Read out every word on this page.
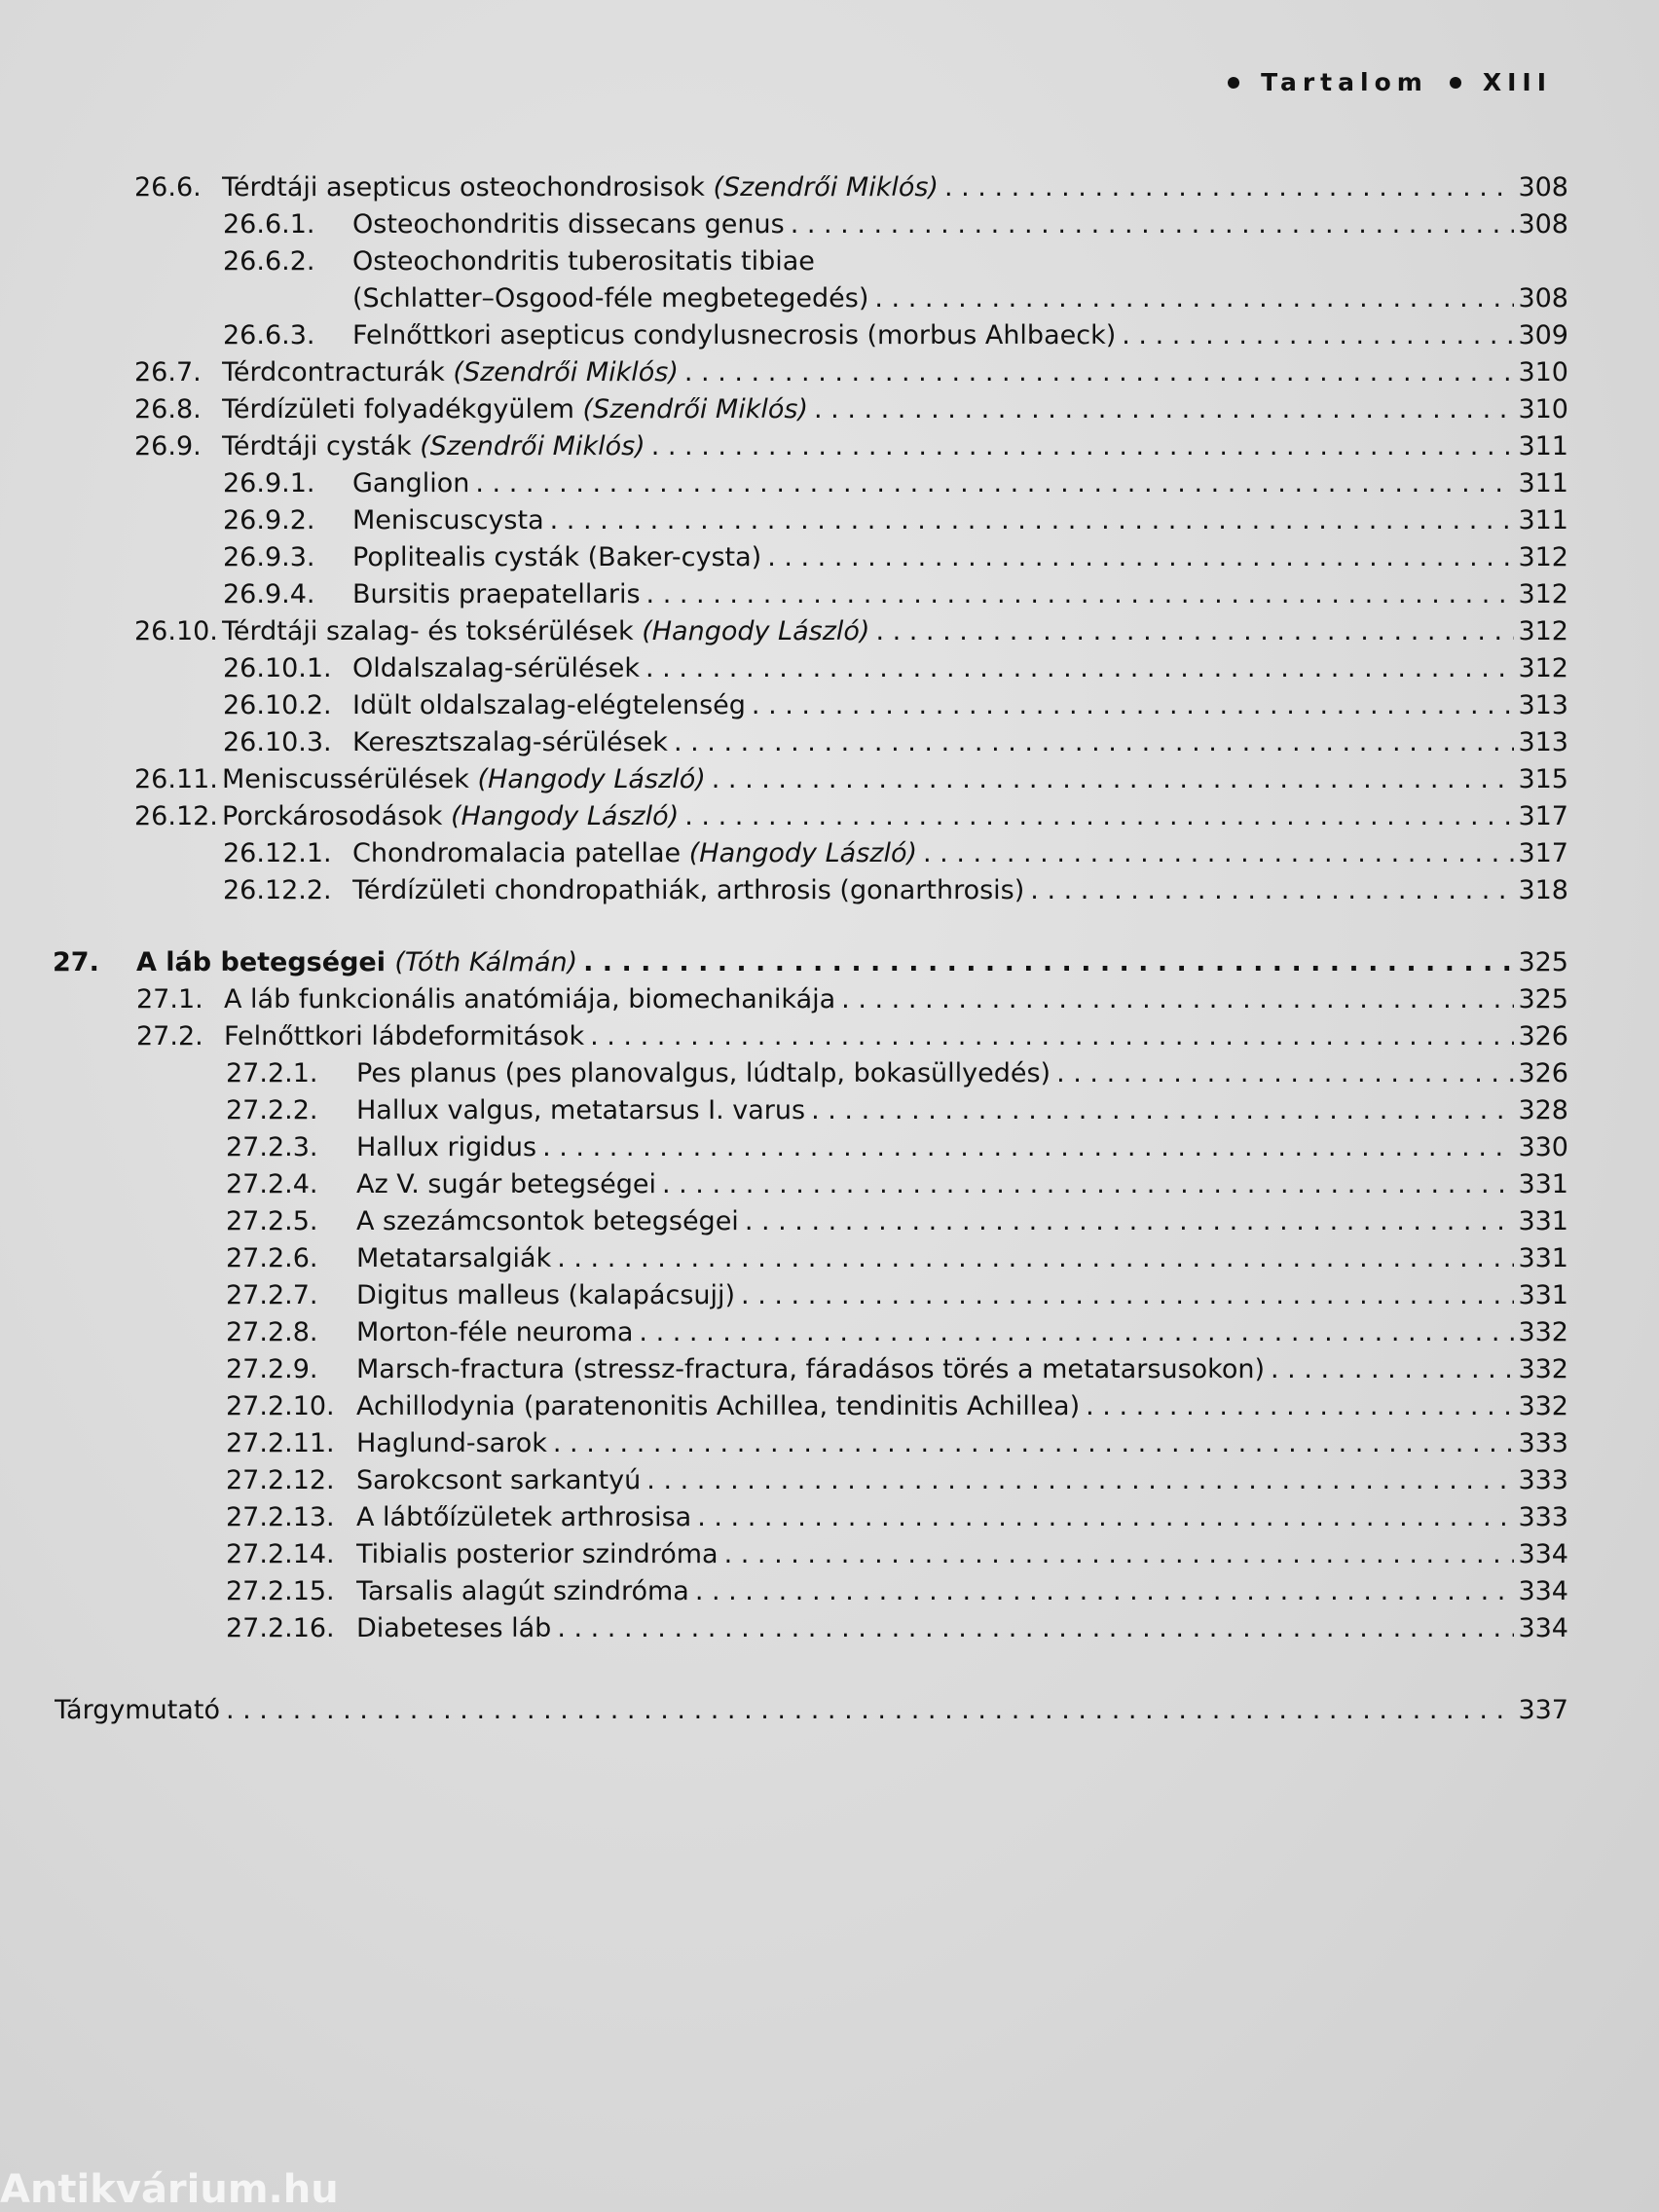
Tartalom XIII
26.6. Térdtáji asepticus osteochondrosisok (Szendrői Miklós) . . .	308
26.6.1. Osteochondritis dissecans genus . . .	308
26.6.2. Osteochondritis tuberositatis tibiae
(Schlatter–Osgood-féle megbetegedés) . . .	308
26.6.3. Felnőttkori asepticus condylusnecrosis (morbus Ahlbaeck) . . .	309
26.7. Térdcontracturák (Szendrői Miklós) . . .	310
26.8. Térdízületi folyadékgyülem (Szendrői Miklós) . . .	310
26.9. Térdtáji cysták (Szendrői Miklós) . . .	311
26.9.1. Ganglion . . .	311
26.9.2. Meniscuscysta . . .	311
26.9.3. Poplitealis cysták (Baker-cysta) . . .	312
26.9.4. Bursitis praepatellaris . . .	312
26.10. Térdtáji szalag- és toksérülések (Hangody László) . . .	312
26.10.1. Oldalszalag-sérülések . . .	312
26.10.2. Idült oldalszalag-elégtelenség . . .	313
26.10.3. Keresztszalag-sérülések . . .	313
26.11. Meniscussérülések (Hangody László) . . .	315
26.12. Porckárosodások (Hangody László) . . .	317
26.12.1. Chondromalacia patellae (Hangody László) . . .	317
26.12.2. Térdízületi chondropathiák, arthrosis (gonarthrosis) . . .	318
27. A láb betegségei (Tóth Kálmán) . . .	325
27.1. A láb funkcionális anatómiája, biomechanikája . . .	325
27.2. Felnőttkori lábdeformitások . . .	326
27.2.1. Pes planus (pes planovalgus, lúdtalp, bokasüllyedés) . . .	326
27.2.2. Hallux valgus, metatarsus I. varus . . .	328
27.2.3. Hallux rigidus . . .	330
27.2.4. Az V. sugár betegségei . . .	331
27.2.5. A szezámcsontok betegségei . . .	331
27.2.6. Metatarsalgiák . . .	331
27.2.7. Digitus malleus (kalapácsujj) . . .	331
27.2.8. Morton-féle neuroma . . .	332
27.2.9. Marsch-fractura (stressz-fractura, fáradásos törés a metatarsusokon) . . .	332
27.2.10. Achillodynia (paratenonitis Achillea, tendinitis Achillea) . . .	332
27.2.11. Haglund-sarok . . .	333
27.2.12. Sarokcsont sarkantyú . . .	333
27.2.13. A lábtőízületek arthrosisa . . .	333
27.2.14. Tibialis posterior szindróma . . .	334
27.2.15. Tarsalis alagút szindróma . . .	334
27.2.16. Diabeteses láb . . .	334
Tárgymutató . . .	337
Antikvárium.hu
